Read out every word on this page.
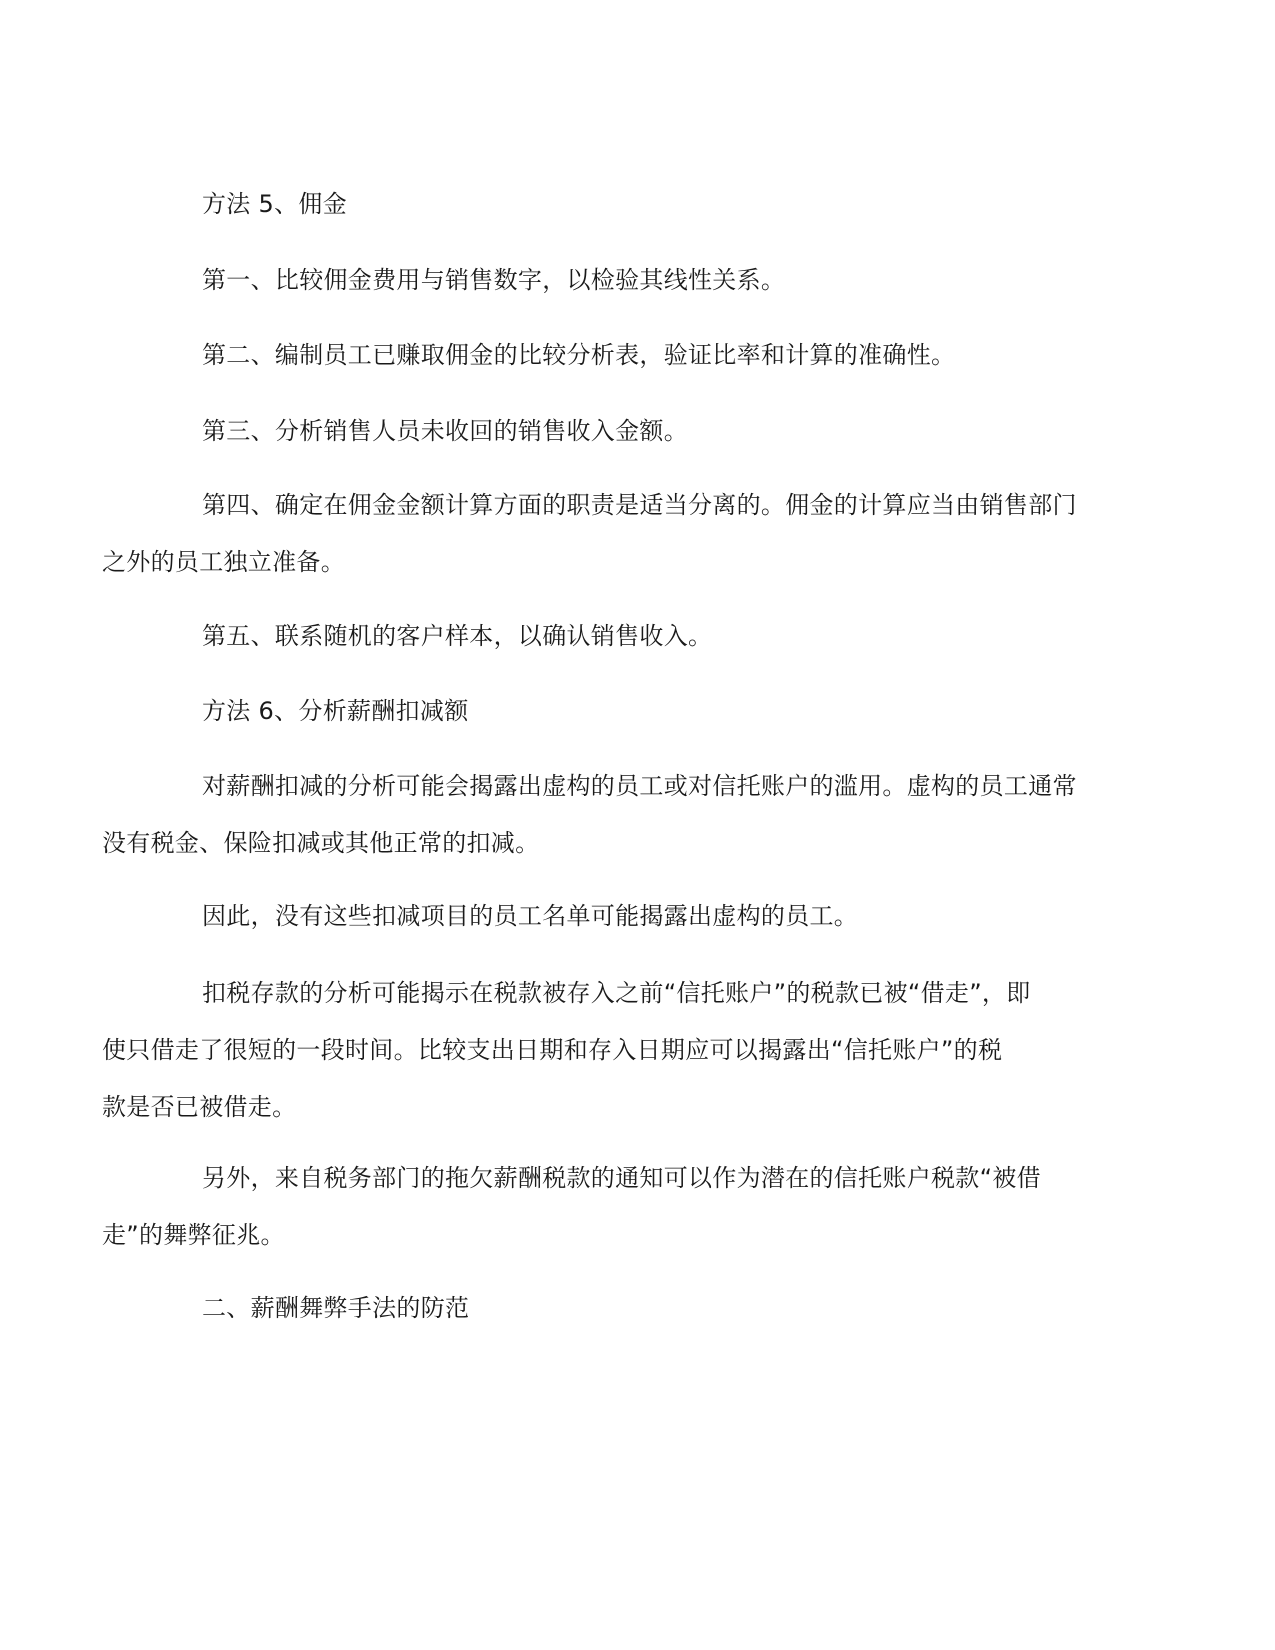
方法 5、佣金

第一、比较佣金费用与销售数字，以检验其线性关系。

第二、编制员工已赚取佣金的比较分析表，验证比率和计算的准确性。

第三、分析销售人员未收回的销售收入金额。

第四、确定在佣金金额计算方面的职责是适当分离的。佣金的计算应当由销售部门
之外的员工独立准备。

第五、联系随机的客户样本，以确认销售收入。

方法 6、分析薪酬扣减额

对薪酬扣减的分析可能会揭露出虚构的员工或对信托账户的滥用。虚构的员工通常
没有税金、保险扣减或其他正常的扣减。

因此，没有这些扣减项目的员工名单可能揭露出虚构的员工。

扣税存款的分析可能揭示在税款被存入之前“信托账户”的税款已被“借走”，即
使只借走了很短的一段时间。比较支出日期和存入日期应可以揭露出“信托账户”的税
款是否已被借走。

另外，来自税务部门的拖欠薪酬税款的通知可以作为潜在的信托账户税款“被借
走”的舞弊征兆。

二、薪酬舞弊手法的防范
